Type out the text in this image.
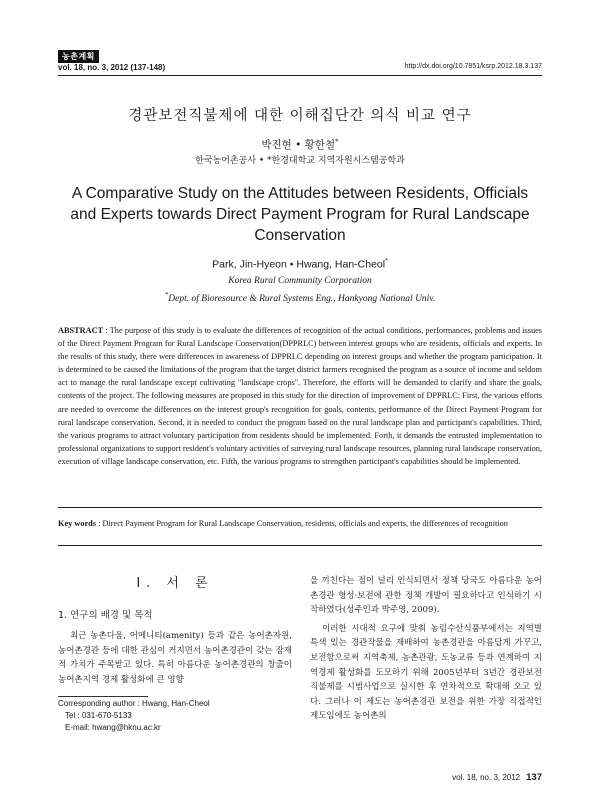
농촌계획
vol. 18, no. 3, 2012 (137-148)	http://dx.doi.org/10.7851/ksrp.2012.18.3.137
경관보전직불제에 대한 이해집단간 의식 비교 연구
박진현 • 황한철*
한국농어촌공사 • *한경대학교 지역자원시스템공학과
A Comparative Study on the Attitudes between Residents, Officials and Experts towards Direct Payment Program for Rural Landscape Conservation
Park, Jin-Hyeon • Hwang, Han-Cheol*
Korea Rural Community Corporation
*Dept. of Bioresource & Rural Systems Eng., Hankyong National Univ.
ABSTRACT : The purpose of this study is to evaluate the differences of recognition of the actual conditions, performances, problems and issues of the Direct Payment Program for Rural Landscape Conservation(DPPRLC) between interest groups who are residents, officials and experts. In the results of this study, there were differences in awareness of DPPRLC depending on interest groups and whether the program participation. It is determined to be caused the limitations of the program that the target district farmers recognised the program as a source of income and seldom act to manage the rural landscape except cultivating "landscape crops". Therefore, the efforts will be demanded to clarify and share the goals, contents of the project. The following measures are proposed in this study for the direction of improvement of DPPRLC: First, the various efforts are needed to overcome the differences on the interest group's recognition for goals, contents, performance of the Direct Payment Program for rural landscape conservation. Second, it is needed to conduct the program based on the rural landscape plan and participant's capabilities. Third, the various programs to attract voluntary participation from residents should be implemented. Forth, it demands the entrusted implementation to professional organizations to support resident's voluntary activities of surveying rural landscape resources, planning rural landscape conservation, execution of village landscape conservation, etc. Fifth, the various programs to strengthen participant's capabilities should be implemented.
Key words : Direct Payment Program for Rural Landscape Conservation, residents, officials and experts, the differences of recognition
I. 서 론
1. 연구의 배경 및 목적
최근 농촌다움, 어메니티(amenity) 등과 같은 농어촌자원, 농어촌경관 등에 대한 관심이 커지면서 농어촌경관이 갖는 잠재적 가치가 주목받고 있다. 특히 아름다운 농어촌경관의 창출이 농어촌지역 경제 활성화에 큰 영향
을 끼친다는 점이 널리 인식되면서 정책 당국도 아름다운 농어촌경관 형성·보전에 관한 정책 개발이 필요하다고 인식하기 시작하였다(성주인과 박주영, 2009).
이러한 시대적 요구에 맞춰 농림수산식품부에서는 지역별 특색 있는 경관작물을 재배하여 농촌경관을 아름답게 가꾸고, 보전함으로써 지역축제, 농촌관광, 도농교류 등과 연계하여 지역경제 활성화를 도모하기 위해 2005년부터 3년간 경관보전직불제를 시범사업으로 실시한 후 연차적으로 확대해 오고 있다. 그러나 이 제도는 농어촌경관 보전을 위한 가장 직접적인 제도임에도 농어촌의
Corresponding author : Hwang, Han-Cheol
Tel : 031-670-5133
E-mail: hwang@hknu.ac.kr
vol. 18, no. 3, 2012 137
